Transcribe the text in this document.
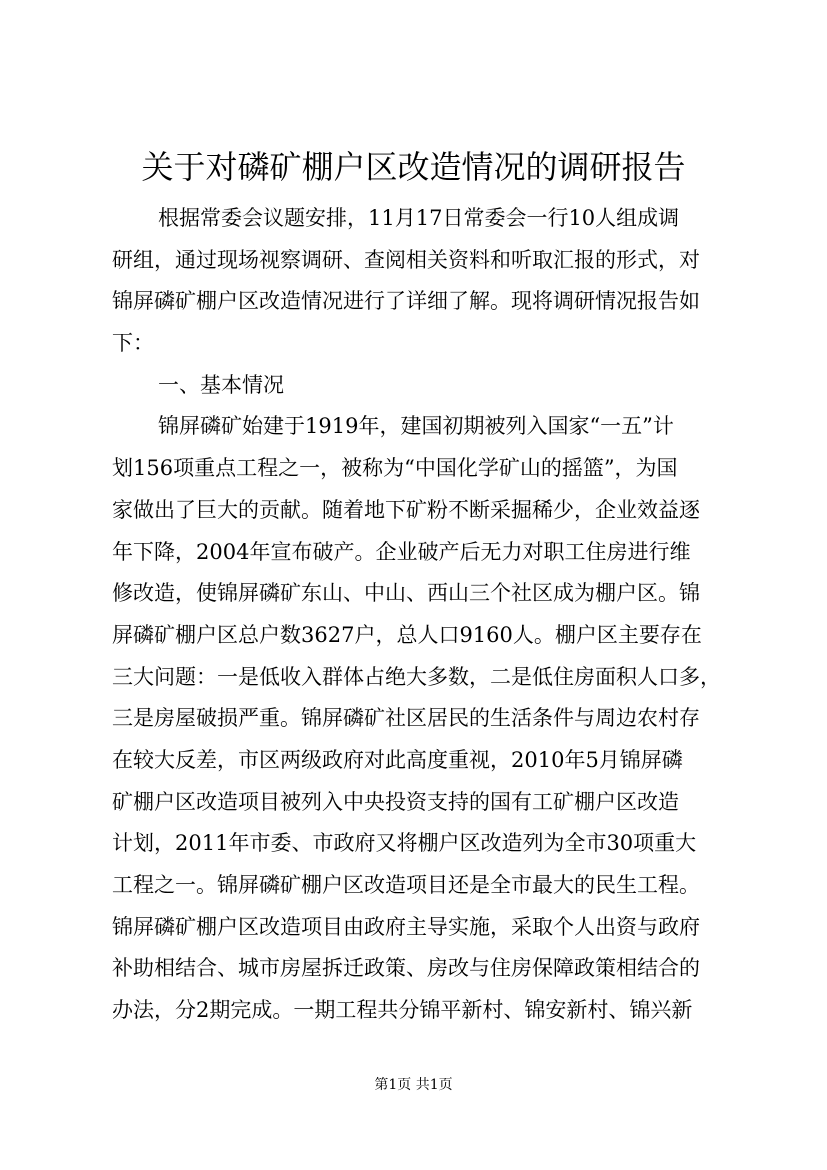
关于对磷矿棚户区改造情况的调研报告
根据常委会议题安排，11月17日常委会一行10人组成调
研组，通过现场视察调研、查阅相关资料和听取汇报的形式，对
锦屏磷矿棚户区改造情况进行了详细了解。现将调研情况报告如
下：
一、基本情况
锦屏磷矿始建于1919年，建国初期被列入国家“一五”计
划156项重点工程之一，被称为“中国化学矿山的摇篮”，为国
家做出了巨大的贡献。随着地下矿粉不断采掘稀少，企业效益逐
年下降，2004年宣布破产。企业破产后无力对职工住房进行维
修改造，使锦屏磷矿东山、中山、西山三个社区成为棚户区。锦
屏磷矿棚户区总户数3627户，总人口9160人。棚户区主要存在
三大问题：一是低收入群体占绝大多数，二是低住房面积人口多，
三是房屋破损严重。锦屏磷矿社区居民的生活条件与周边农村存
在较大反差，市区两级政府对此高度重视，2010年5月锦屏磷
矿棚户区改造项目被列入中央投资支持的国有工矿棚户区改造
计划，2011年市委、市政府又将棚户区改造列为全市30项重大
工程之一。锦屏磷矿棚户区改造项目还是全市最大的民生工程。
锦屏磷矿棚户区改造项目由政府主导实施，采取个人出资与政府
补助相结合、城市房屋拆迁政策、房改与住房保障政策相结合的
办法，分2期完成。一期工程共分锦平新村、锦安新村、锦兴新
第1页 共1页
